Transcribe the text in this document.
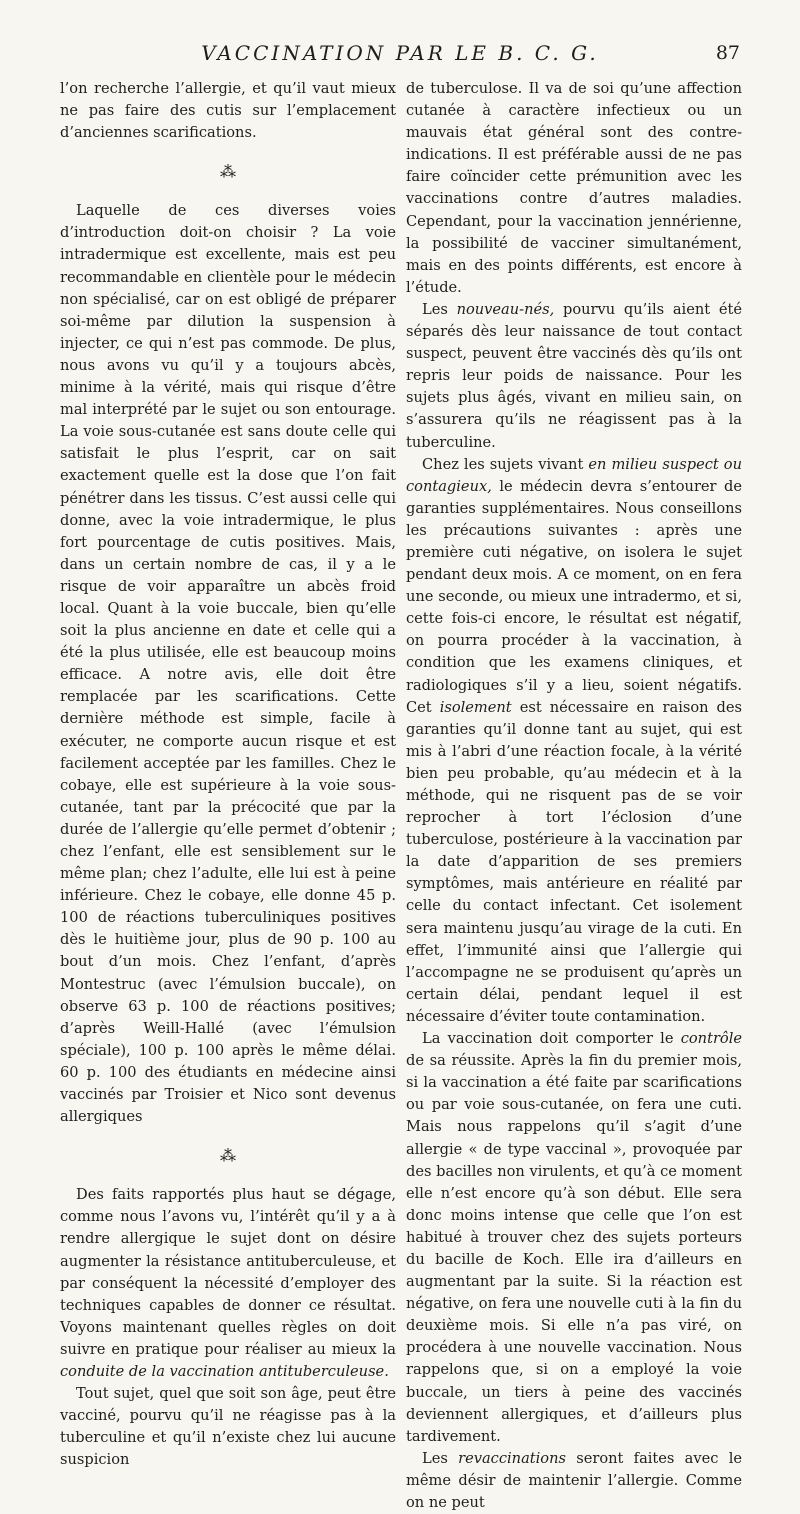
VACCINATION PAR LE B. C. G.	87

l’on recherche l’allergie, et qu’il vaut mieux ne pas faire des cutis sur l’emplacement d’anciennes scarifications.

⁂

Laquelle de ces diverses voies d’introduction doit-on choisir ? La voie intradermique est excellente, mais est peu recommandable en clientèle pour le médecin non spécialisé, car on est obligé de préparer soi-même par dilution la suspension à injecter, ce qui n’est pas commode. De plus, nous avons vu qu’il y a toujours abcès, minime à la vérité, mais qui risque d’être mal interprété par le sujet ou son entourage. La voie sous-cutanée est sans doute celle qui satisfait le plus l’esprit, car on sait exactement quelle est la dose que l’on fait pénétrer dans les tissus. C’est aussi celle qui donne, avec la voie intradermique, le plus fort pourcentage de cutis positives. Mais, dans un certain nombre de cas, il y a le risque de voir apparaître un abcès froid local. Quant à la voie buccale, bien qu’elle soit la plus ancienne en date et celle qui a été la plus utilisée, elle est beaucoup moins efficace. A notre avis, elle doit être remplacée par les scarifications. Cette dernière méthode est simple, facile à exécuter, ne comporte aucun risque et est facilement acceptée par les familles. Chez le cobaye, elle est supérieure à la voie sous-cutanée, tant par la précocité que par la durée de l’allergie qu’elle permet d’obtenir ; chez l’enfant, elle est sensiblement sur le même plan; chez l’adulte, elle lui est à peine inférieure. Chez le cobaye, elle donne 45 p. 100 de réactions tuberculiniques positives dès le huitième jour, plus de 90 p. 100 au bout d’un mois. Chez l’enfant, d’après Montestruc (avec l’émulsion buccale), on observe 63 p. 100 de réactions positives; d’après Weill-Hallé (avec l’émulsion spéciale), 100 p. 100 après le même délai. 60 p. 100 des étudiants en médecine ainsi vaccinés par Troisier et Nico sont devenus allergiques

⁂

Des faits rapportés plus haut se dégage, comme nous l’avons vu, l’intérêt qu’il y a à rendre allergique le sujet dont on désire augmenter la résistance antituberculeuse, et par conséquent la nécessité d’employer des techniques capables de donner ce résultat. Voyons maintenant quelles règles on doit suivre en pratique pour réaliser au mieux la conduite de la vaccination antituberculeuse.

Tout sujet, quel que soit son âge, peut être vacciné, pourvu qu’il ne réagisse pas à la tuberculine et qu’il n’existe chez lui aucune suspicion

de tuberculose. Il va de soi qu’une affection cutanée à caractère infectieux ou un mauvais état général sont des contre-indications. Il est préférable aussi de ne pas faire coïncider cette prémunition avec les vaccinations contre d’autres maladies. Cependant, pour la vaccination jennérienne, la possibilité de vacciner simultanément, mais en des points différents, est encore à l’étude.

Les nouveau-nés, pourvu qu’ils aient été séparés dès leur naissance de tout contact suspect, peuvent être vaccinés dès qu’ils ont repris leur poids de naissance. Pour les sujets plus âgés, vivant en milieu sain, on s’assurera qu’ils ne réagissent pas à la tuberculine.

Chez les sujets vivant en milieu suspect ou contagieux, le médecin devra s’entourer de garanties supplémentaires. Nous conseillons les précautions suivantes : après une première cuti négative, on isolera le sujet pendant deux mois. A ce moment, on en fera une seconde, ou mieux une intradermo, et si, cette fois-ci encore, le résultat est négatif, on pourra procéder à la vaccination, à condition que les examens cliniques, et radiologiques s’il y a lieu, soient négatifs. Cet isolement est nécessaire en raison des garanties qu’il donne tant au sujet, qui est mis à l’abri d’une réaction focale, à la vérité bien peu probable, qu’au médecin et à la méthode, qui ne risquent pas de se voir reprocher à tort l’éclosion d’une tuberculose, postérieure à la vaccination par la date d’apparition de ses premiers symptômes, mais antérieure en réalité par celle du contact infectant. Cet isolement sera maintenu jusqu’au virage de la cuti. En effet, l’immunité ainsi que l’allergie qui l’accompagne ne se produisent qu’après un certain délai, pendant lequel il est nécessaire d’éviter toute contamination.

La vaccination doit comporter le contrôle de sa réussite. Après la fin du premier mois, si la vaccination a été faite par scarifications ou par voie sous-cutanée, on fera une cuti. Mais nous rappelons qu’il s’agit d’une allergie « de type vaccinal », provoquée par des bacilles non virulents, et qu’à ce moment elle n’est encore qu’à son début. Elle sera donc moins intense que celle que l’on est habitué à trouver chez des sujets porteurs du bacille de Koch. Elle ira d’ailleurs en augmentant par la suite. Si la réaction est négative, on fera une nouvelle cuti à la fin du deuxième mois. Si elle n’a pas viré, on procédera à une nouvelle vaccination. Nous rappelons que, si on a employé la voie buccale, un tiers à peine des vaccinés deviennent allergiques, et d’ailleurs plus tardivement.

Les revaccinations seront faites avec le même désir de maintenir l’allergie. Comme on ne peut
